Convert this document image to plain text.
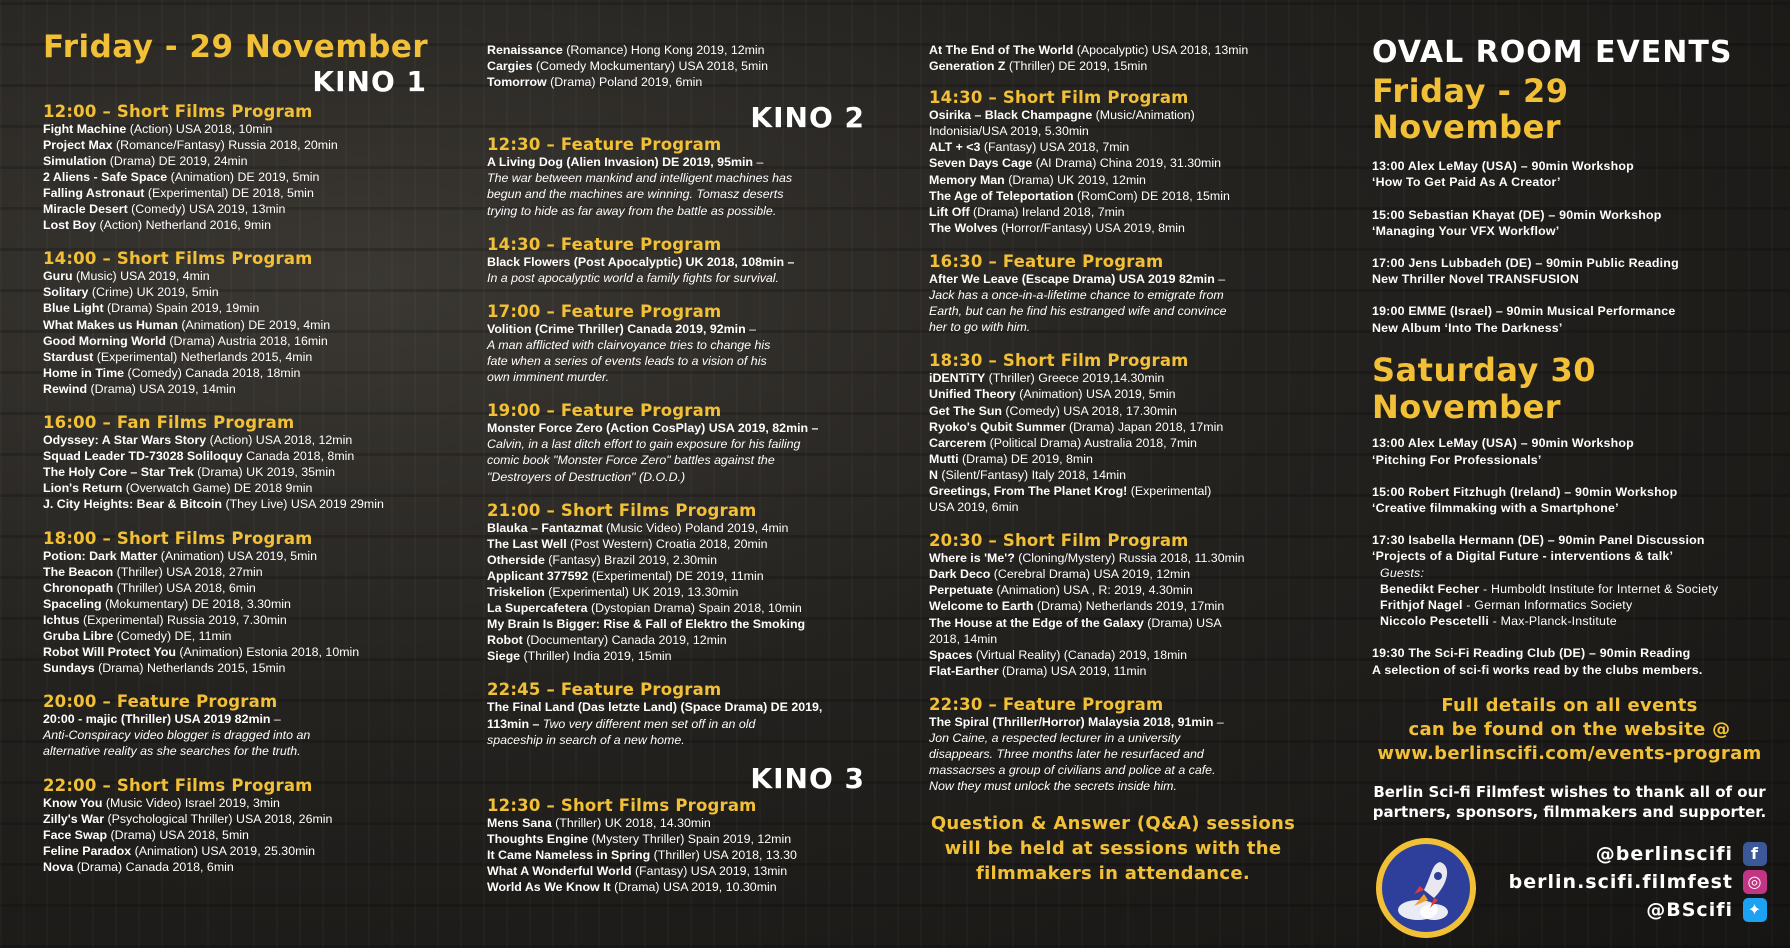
Friday - 29 November
KINO 1
12:00 – Short Films Program
Fight Machine (Action) USA 2018, 10min
Project Max (Romance/Fantasy) Russia 2018, 20min
Simulation (Drama) DE 2019, 24min
2 Aliens - Safe Space (Animation) DE 2019, 5min
Falling Astronaut (Experimental) DE 2018, 5min
Miracle Desert (Comedy) USA 2019, 13min
Lost Boy (Action) Netherland 2016, 9min
14:00 – Short Films Program
Guru (Music) USA 2019, 4min
Solitary (Crime) UK 2019, 5min
Blue Light (Drama) Spain 2019, 19min
What Makes us Human (Animation) DE 2019, 4min
Good Morning World (Drama) Austria 2018, 16min
Stardust (Experimental) Netherlands 2015, 4min
Home in Time (Comedy) Canada 2018, 18min
Rewind (Drama) USA 2019, 14min
16:00 – Fan Films Program
Odyssey: A Star Wars Story (Action) USA 2018, 12min
Squad Leader TD-73028 Soliloquy Canada 2018, 8min
The Holy Core – Star Trek (Drama) UK 2019, 35min
Lion's Return (Overwatch Game) DE 2018 9min
J. City Heights: Bear & Bitcoin (They Live) USA 2019 29min
18:00 – Short Films Program
Potion: Dark Matter (Animation) USA 2019, 5min
The Beacon (Thriller) USA 2018, 27min
Chronopath (Thriller) USA 2018, 6min
Spaceling (Mokumentary) DE 2018, 3.30min
Ichtus (Experimental) Russia 2019, 7.30min
Gruba Libre (Comedy) DE, 11min
Robot Will Protect You (Animation) Estonia 2018, 10min
Sundays (Drama) Netherlands 2015, 15min
20:00 – Feature Program
20:00 - majic (Thriller) USA 2019 82min –
Anti-Conspiracy video blogger is dragged into an
alternative reality as she searches for the truth.
22:00 – Short Films Program
Know You (Music Video) Israel 2019, 3min
Zilly's War (Psychological Thriller) USA 2018, 26min
Face Swap (Drama) USA 2018, 5min
Feline Paradox (Animation) USA 2019, 25.30min
Nova (Drama) Canada 2018, 6min
Renaissance (Romance) Hong Kong 2019, 12min
Cargies (Comedy Mockumentary) USA 2018, 5min
Tomorrow (Drama) Poland 2019, 6min
KINO 2
12:30 – Feature Program
A Living Dog (Alien Invasion) DE 2019, 95min –
The war between mankind and intelligent machines has
begun and the machines are winning. Tomasz deserts
trying to hide as far away from the battle as possible.
14:30 – Feature Program
Black Flowers (Post Apocalyptic) UK 2018, 108min –
In a post apocalyptic world a family fights for survival.
17:00 – Feature Program
Volition (Crime Thriller) Canada 2019, 92min –
A man afflicted with clairvoyance tries to change his
fate when a series of events leads to a vision of his
own imminent murder.
19:00 – Feature Program
Monster Force Zero (Action CosPlay) USA 2019, 82min –
Calvin, in a last ditch effort to gain exposure for his failing
comic book "Monster Force Zero" battles against the
"Destroyers of Destruction" (D.O.D.)
21:00 – Short Films Program
Blauka – Fantazmat (Music Video) Poland 2019, 4min
The Last Well (Post Western) Croatia 2018, 20min
Otherside (Fantasy) Brazil 2019, 2.30min
Applicant 377592 (Experimental) DE 2019, 11min
Triskelion (Experimental) UK 2019, 13.30min
La Supercafetera (Dystopian Drama) Spain 2018, 10min
My Brain Is Bigger: Rise & Fall of Elektro the Smoking
Robot (Documentary) Canada 2019, 12min
Siege (Thriller) India 2019, 15min
22:45 – Feature Program
The Final Land (Das letzte Land) (Space Drama) DE 2019,
113min – Two very different men set off in an old
spaceship in search of a new home.
KINO 3
12:30 – Short Films Program
Mens Sana (Thriller) UK 2018, 14.30min
Thoughts Engine (Mystery Thriller) Spain 2019, 12min
It Came Nameless in Spring (Thriller) USA 2018, 13.30
What A Wonderful World (Fantasy) USA 2019, 13min
World As We Know It (Drama) USA 2019, 10.30min
At The End of The World (Apocalyptic) USA 2018, 13min
Generation Z (Thriller) DE 2019, 15min
14:30 – Short Film Program
Osirika – Black Champagne (Music/Animation)
Indonisia/USA 2019, 5.30min
ALT + <3 (Fantasy) USA 2018, 7min
Seven Days Cage (AI Drama) China 2019, 31.30min
Memory Man (Drama) UK 2019, 12min
The Age of Teleportation (RomCom) DE 2018, 15min
Lift Off (Drama) Ireland 2018, 7min
The Wolves (Horror/Fantasy) USA 2019, 8min
16:30 – Feature Program
After We Leave (Escape Drama) USA 2019 82min –
Jack has a once-in-a-lifetime chance to emigrate from
Earth, but can he find his estranged wife and convince
her to go with him.
18:30 – Short Film Program
iDENTiTY (Thriller) Greece 2019,14.30min
Unified Theory (Animation) USA 2019, 5min
Get The Sun (Comedy) USA 2018, 17.30min
Ryoko's Qubit Summer (Drama) Japan 2018, 17min
Carcerem (Political Drama) Australia 2018, 7min
Mutti (Drama) DE 2019, 8min
N (Silent/Fantasy) Italy 2018, 14min
Greetings, From The Planet Krog! (Experimental)
USA 2019, 6min
20:30 – Short Film Program
Where is 'Me'? (Cloning/Mystery) Russia 2018, 11.30min
Dark Deco (Cerebral Drama) USA 2019, 12min
Perpetuate (Animation) USA , R: 2019, 4.30min
Welcome to Earth (Drama) Netherlands 2019, 17min
The House at the Edge of the Galaxy (Drama) USA
2018, 14min
Spaces (Virtual Reality) (Canada) 2019, 18min
Flat-Earther (Drama) USA 2019, 11min
22:30 – Feature Program
The Spiral (Thriller/Horror) Malaysia 2018, 91min –
Jon Caine, a respected lecturer in a university
disappears. Three months later he resurfaced and
massacrses a group of civilians and police at a cafe.
Now they must unlock the secrets inside him.
Question & Answer (Q&A) sessions
will be held at sessions with the
filmmakers in attendance.
OVAL ROOM EVENTS
Friday - 29 November
13:00 Alex LeMay (USA) – 90min Workshop
‘How To Get Paid As A Creator’
15:00 Sebastian Khayat (DE) – 90min Workshop
‘Managing Your VFX Workflow’
17:00 Jens Lubbadeh (DE) – 90min Public Reading
New Thriller Novel TRANSFUSION
19:00 EMME (Israel) – 90min Musical Performance
New Album ‘Into The Darkness’
Saturday 30 November
13:00 Alex LeMay (USA) – 90min Workshop
‘Pitching For Professionals’
15:00 Robert Fitzhugh (Ireland) – 90min Workshop
‘Creative filmmaking with a Smartphone’
17:30 Isabella Hermann (DE) – 90min Panel Discussion
‘Projects of a Digital Future - interventions & talk’
Guests:
Benedikt Fecher - Humboldt Institute for Internet & Society
Frithjof Nagel - German Informatics Society
Niccolo Pescetelli - Max-Planck-Institute
19:30 The Sci-Fi Reading Club (DE) – 90min Reading
A selection of sci-fi works read by the clubs members.
Full details on all events
can be found on the website @
www.berlinscifi.com/events-program
Berlin Sci-fi Filmfest wishes to thank all of our
partners, sponsors, filmmakers and supporter.
@berlinscifi	f
berlin.scifi.filmfest ◎
@BScifi ✦
